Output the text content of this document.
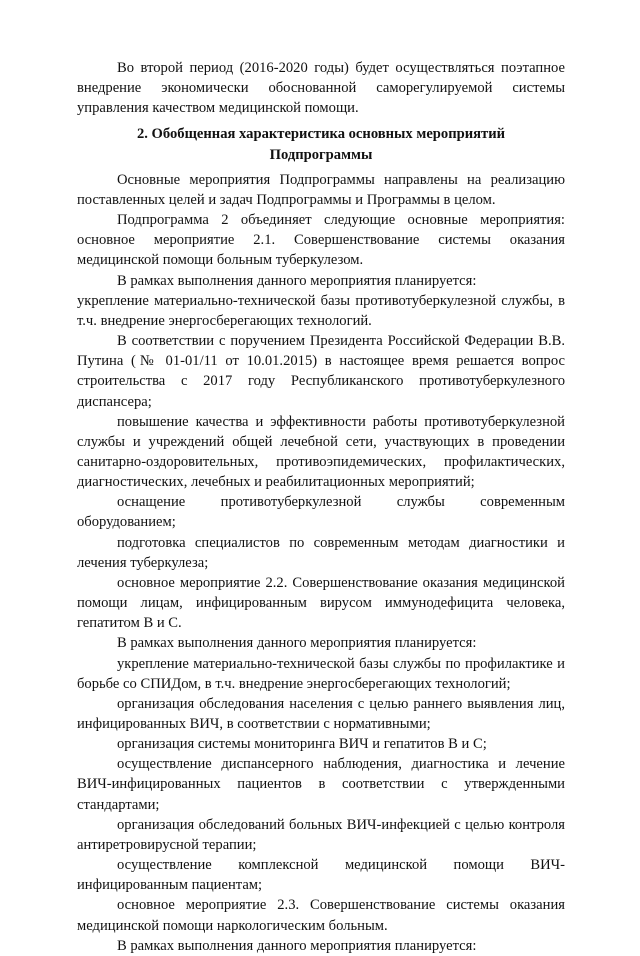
Во второй период (2016-2020 годы) будет осуществляться поэтапное внедрение экономически обоснованной саморегулируемой системы управления качеством медицинской помощи.

2. Обобщенная характеристика основных мероприятий
Подпрограммы

Основные мероприятия Подпрограммы направлены на реализацию поставленных целей и задач Подпрограммы и Программы в целом.

Подпрограмма 2 объединяет следующие основные мероприятия: основное мероприятие 2.1. Совершенствование системы оказания медицинской помощи больным туберкулезом.

В рамках выполнения данного мероприятия планируется:

укрепление материально-технической базы противотуберкулезной службы, в т.ч. внедрение энергосберегающих технологий.

В соответствии с поручением Президента Российской Федерации В.В. Путина (№ 01-01/11 от 10.01.2015) в настоящее время решается вопрос строительства с 2017 году Республиканского противотуберкулезного диспансера;

повышение качества и эффективности работы противотуберкулезной службы и учреждений общей лечебной сети, участвующих в проведении санитарно-оздоровительных, противоэпидемических, профилактических, диагностических, лечебных и реабилитационных мероприятий;

оснащение противотуберкулезной службы современным оборудованием;

подготовка специалистов по современным методам диагностики и лечения туберкулеза;

основное мероприятие 2.2. Совершенствование оказания медицинской помощи лицам, инфицированным вирусом иммунодефицита человека, гепатитом В и С.

В рамках выполнения данного мероприятия планируется:

укрепление материально-технической базы службы по профилактике и борьбе со СПИДом, в т.ч. внедрение энергосберегающих технологий;

организация обследования населения с целью раннего выявления лиц, инфицированных ВИЧ, в соответствии с нормативными;

организация системы мониторинга ВИЧ и гепатитов В и С;

осуществление диспансерного наблюдения, диагностика и лечение ВИЧ-инфицированных пациентов в соответствии с утвержденными стандартами;

организация обследований больных ВИЧ-инфекцией с целью контроля антиретровирусной терапии;

осуществление комплексной медицинской помощи ВИЧ-инфицированным пациентам;

основное мероприятие 2.3. Совершенствование системы оказания медицинской помощи наркологическим больным.

В рамках выполнения данного мероприятия планируется:
